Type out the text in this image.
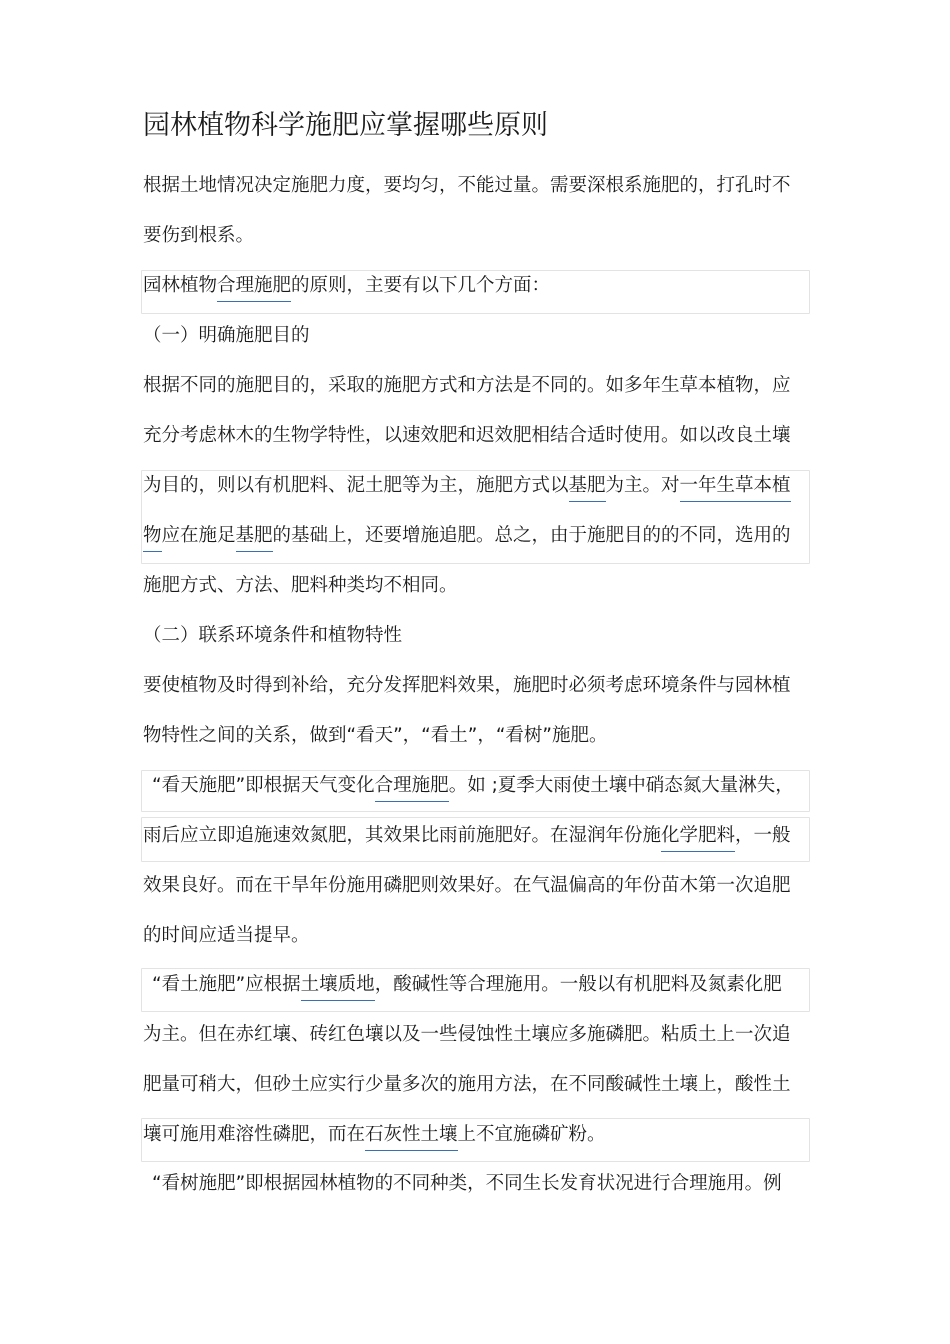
园林植物科学施肥应掌握哪些原则
根据土地情况决定施肥力度，要均匀，不能过量。需要深根系施肥的，打孔时不
要伤到根系。
园林植物合理施肥的原则，主要有以下几个方面：
（一）明确施肥目的
根据不同的施肥目的，采取的施肥方式和方法是不同的。如多年生草本植物，应
充分考虑林木的生物学特性，以速效肥和迟效肥相结合适时使用。如以改良土壤
为目的，则以有机肥料、泥土肥等为主，施肥方式以基肥为主。对一年生草本植
物应在施足基肥的基础上，还要增施追肥。总之，由于施肥目的的不同，选用的
施肥方式、方法、肥料种类均不相同。
（二）联系环境条件和植物特性
要使植物及时得到补给，充分发挥肥料效果，施肥时必须考虑环境条件与园林植
物特性之间的关系，做到“看天”，“看土”，“看树”施肥。
“看天施肥”即根据天气变化合理施肥。如 ;夏季大雨使土壤中硝态氮大量淋失，
雨后应立即追施速效氮肥，其效果比雨前施肥好。在湿润年份施化学肥料，一般
效果良好。而在干旱年份施用磷肥则效果好。在气温偏高的年份苗木第一次追肥
的时间应适当提早。
“看土施肥”应根据土壤质地，酸碱性等合理施用。一般以有机肥料及氮素化肥
为主。但在赤红壤、砖红色壤以及一些侵蚀性土壤应多施磷肥。粘质土上一次追
肥量可稍大，但砂土应实行少量多次的施用方法，在不同酸碱性土壤上，酸性土
壤可施用难溶性磷肥，而在石灰性土壤上不宜施磷矿粉。
“看树施肥”即根据园林植物的不同种类，不同生长发育状况进行合理施用。例
